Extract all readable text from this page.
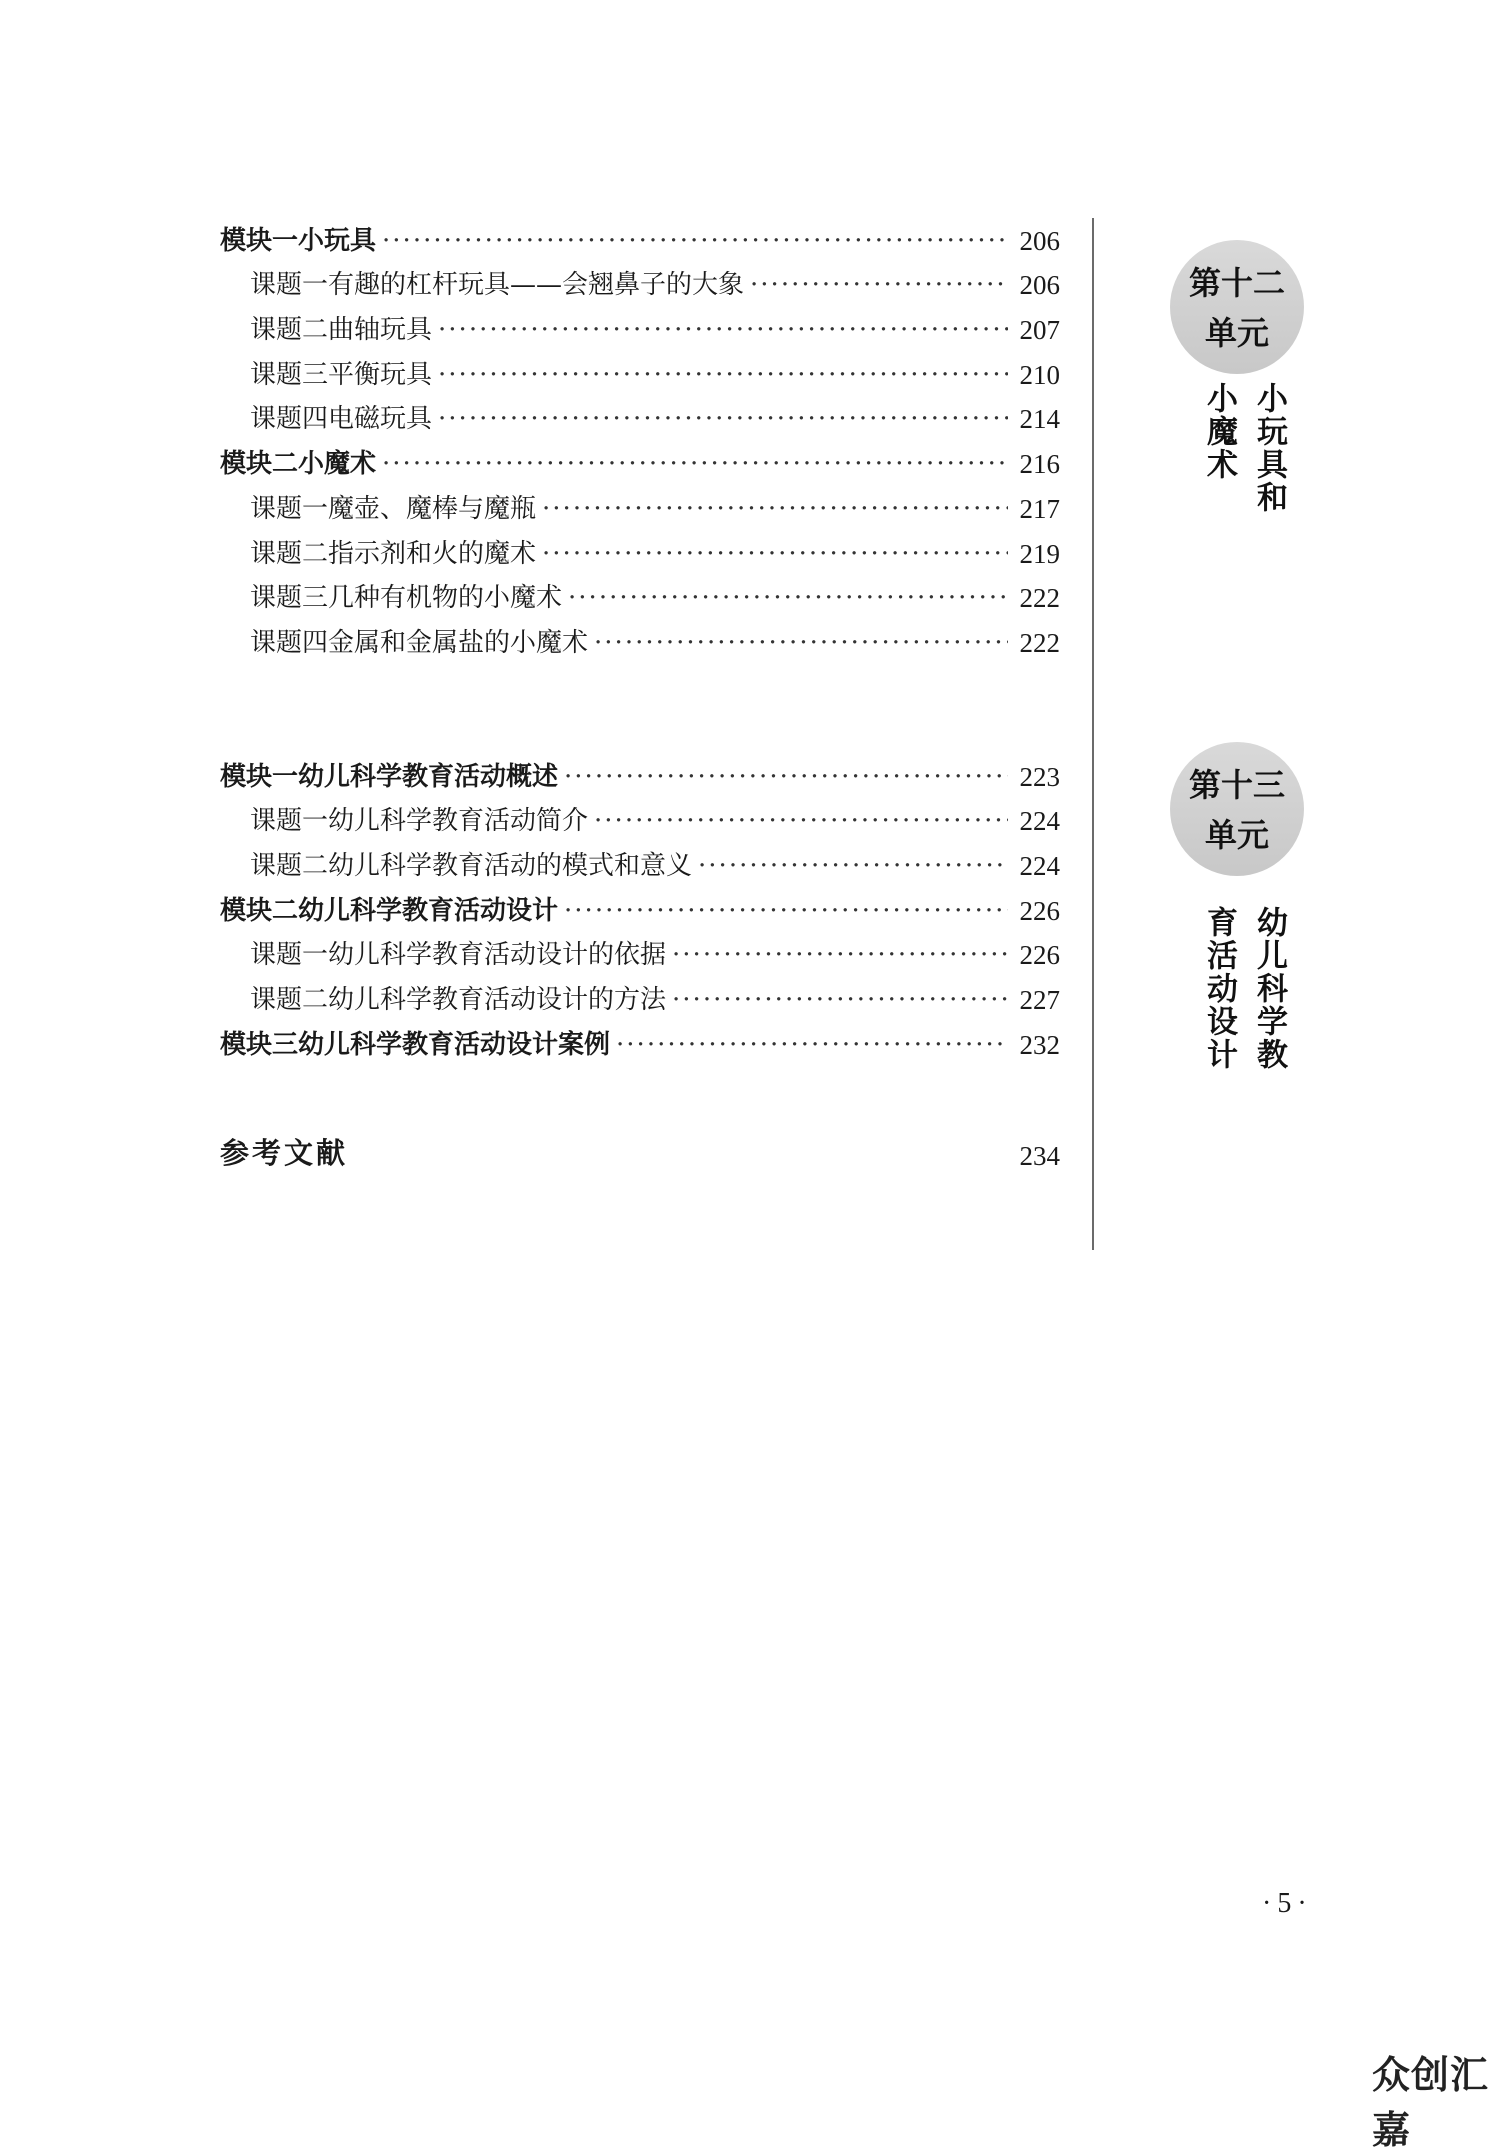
模块一 小玩具 ·····	206
课题一 有趣的杠杆玩具——会翘鼻子的大象 ·····	206
课题二 曲轴玩具 ·····	207
课题三 平衡玩具 ·····	210
课题四 电磁玩具 ·····	214
模块二 小魔术 ·····	216
课题一 魔壶、魔棒与魔瓶 ·····	217
课题二 指示剂和火的魔术 ·····	219
课题三 几种有机物的小魔术 ·····	222
课题四 金属和金属盐的小魔术 ·····	222
模块一 幼儿科学教育活动概述 ·····	223
课题一 幼儿科学教育活动简介 ·····	224
课题二 幼儿科学教育活动的模式和意义 ·····	224
模块二 幼儿科学教育活动设计 ·····	226
课题一 幼儿科学教育活动设计的依据 ·····	226
课题二 幼儿科学教育活动设计的方法 ·····	227
模块三 幼儿科学教育活动设计案例 ·····	232
参考文献	234
第十二
单元
小玩具和小魔术
第十三
单元
幼儿科学教育活动设计
·5·
众创汇嘉
